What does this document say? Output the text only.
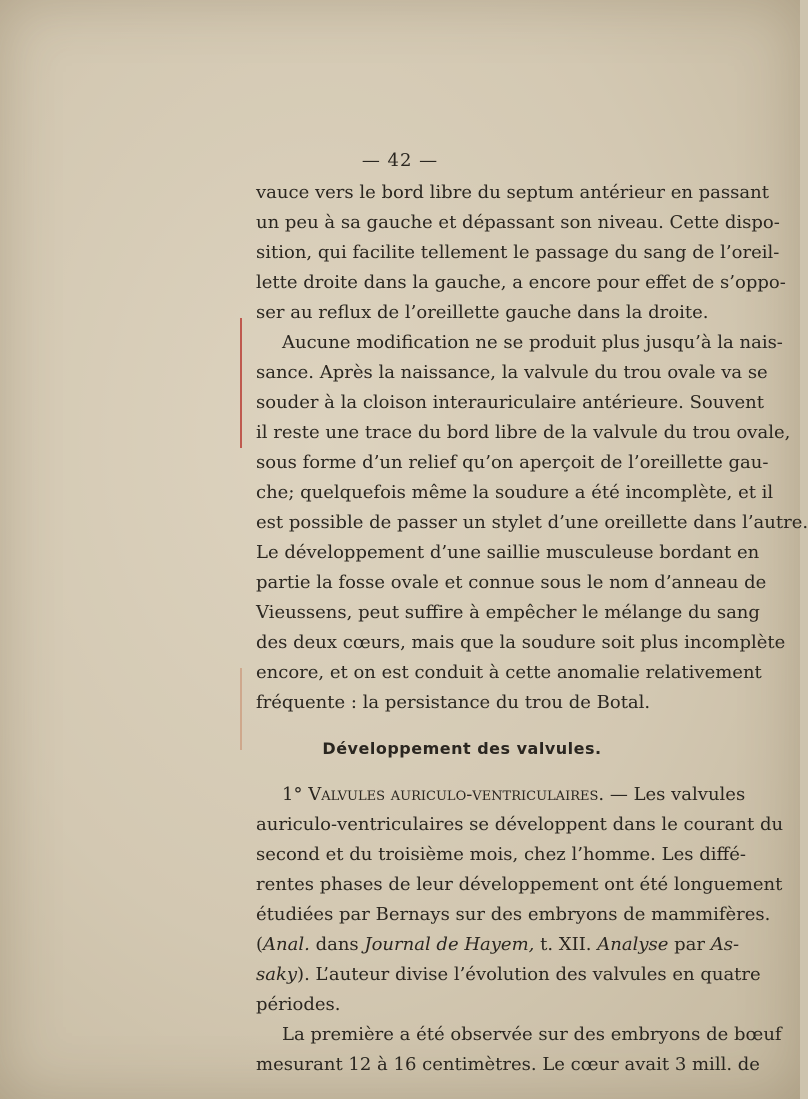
— 42 —
vauce vers le bord libre du septum antérieur en passant
un peu à sa gauche et dépassant son niveau. Cette dispo-
sition, qui facilite tellement le passage du sang de l’oreil-
lette droite dans la gauche, a encore pour effet de s’oppo-
ser au reflux de l’oreillette gauche dans la droite.
Aucune modification ne se produit plus jusqu’à la nais-
sance. Après la naissance, la valvule du trou ovale va se
souder à la cloison interauriculaire antérieure. Souvent
il reste une trace du bord libre de la valvule du trou ovale,
sous forme d’un relief qu’on aperçoit de l’oreillette gau-
che; quelquefois même la soudure a été incomplète, et il
est possible de passer un stylet d’une oreillette dans l’autre.
Le développement d’une saillie musculeuse bordant en
partie la fosse ovale et connue sous le nom d’anneau de
Vieussens, peut suffire à empêcher le mélange du sang
des deux cœurs, mais que la soudure soit plus incomplète
encore, et on est conduit à cette anomalie relativement
fréquente : la persistance du trou de Botal.
Développement des valvules.
1° Valvules auriculo-ventriculaires. — Les valvules
auriculo-ventriculaires se développent dans le courant du
second et du troisième mois, chez l’homme. Les diffé-
rentes phases de leur développement ont été longuement
étudiées par Bernays sur des embryons de mammifères.
(Anal. dans Journal de Hayem, t. XII. Analyse par As-
saky). L’auteur divise l’évolution des valvules en quatre
périodes.
La première a été observée sur des embryons de bœuf
mesurant 12 à 16 centimètres. Le cœur avait 3 mill. de
